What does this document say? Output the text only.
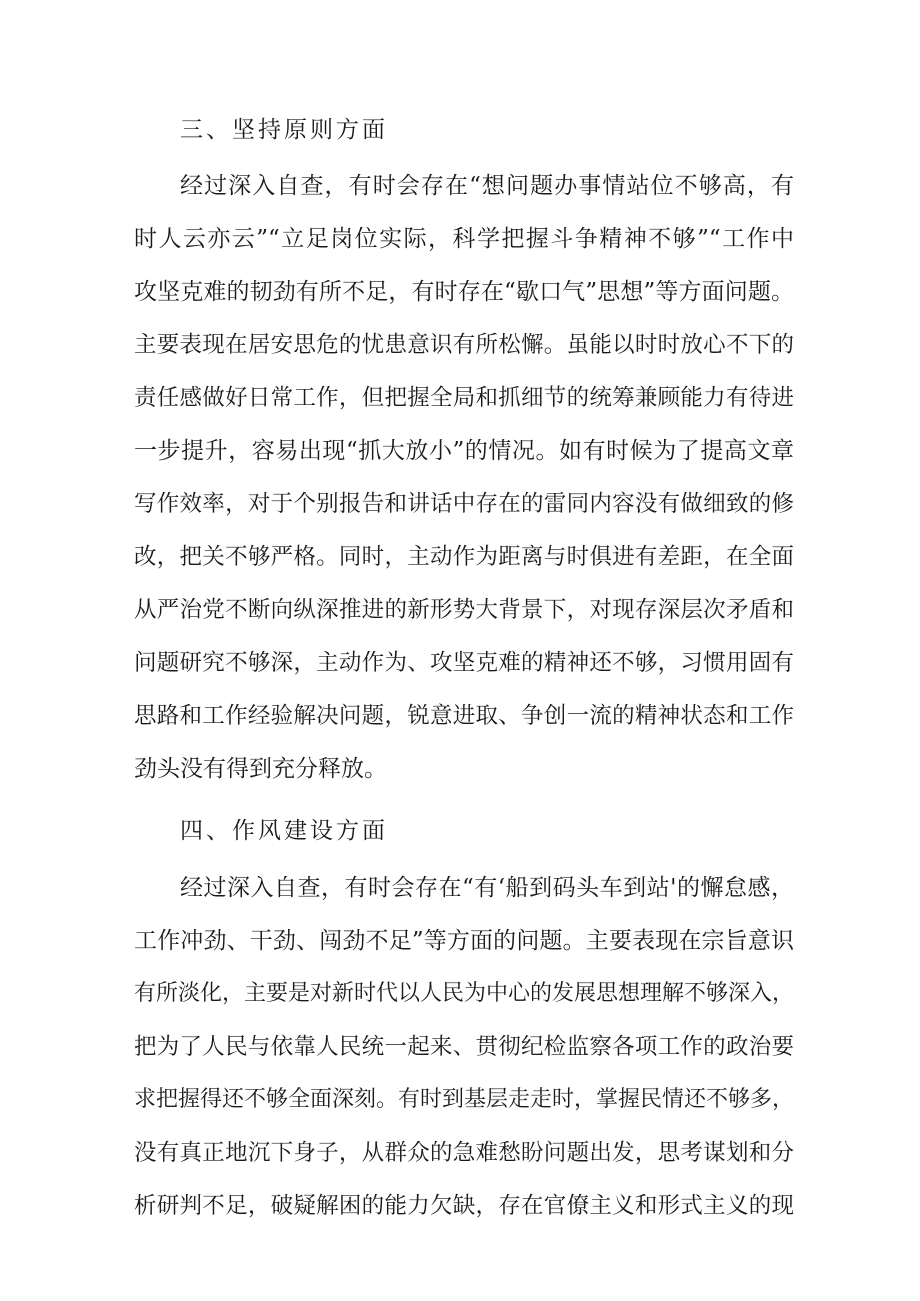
三、坚持原则方面
经过深入自查，有时会存在“想问题办事情站位不够高，有
时人云亦云”“立足岗位实际，科学把握斗争精神不够”“工作中
攻坚克难的韧劲有所不足，有时存在“歇口气”思想”等方面问题。
主要表现在居安思危的忧患意识有所松懈。虽能以时时放心不下的
责任感做好日常工作，但把握全局和抓细节的统筹兼顾能力有待进
一步提升，容易出现“抓大放小”的情况。如有时候为了提高文章
写作效率，对于个别报告和讲话中存在的雷同内容没有做细致的修
改，把关不够严格。同时，主动作为距离与时俱进有差距，在全面
从严治党不断向纵深推进的新形势大背景下，对现存深层次矛盾和
问题研究不够深，主动作为、攻坚克难的精神还不够，习惯用固有
思路和工作经验解决问题，锐意进取、争创一流的精神状态和工作
劲头没有得到充分释放。
四、作风建设方面
经过深入自查，有时会存在“有‘船到码头车到站'的懈怠感，
工作冲劲、干劲、闯劲不足”等方面的问题。主要表现在宗旨意识
有所淡化，主要是对新时代以人民为中心的发展思想理解不够深入，
把为了人民与依靠人民统一起来、贯彻纪检监察各项工作的政治要
求把握得还不够全面深刻。有时到基层走走时，掌握民情还不够多，
没有真正地沉下身子，从群众的急难愁盼问题出发，思考谋划和分
析研判不足，破疑解困的能力欠缺，存在官僚主义和形式主义的现
